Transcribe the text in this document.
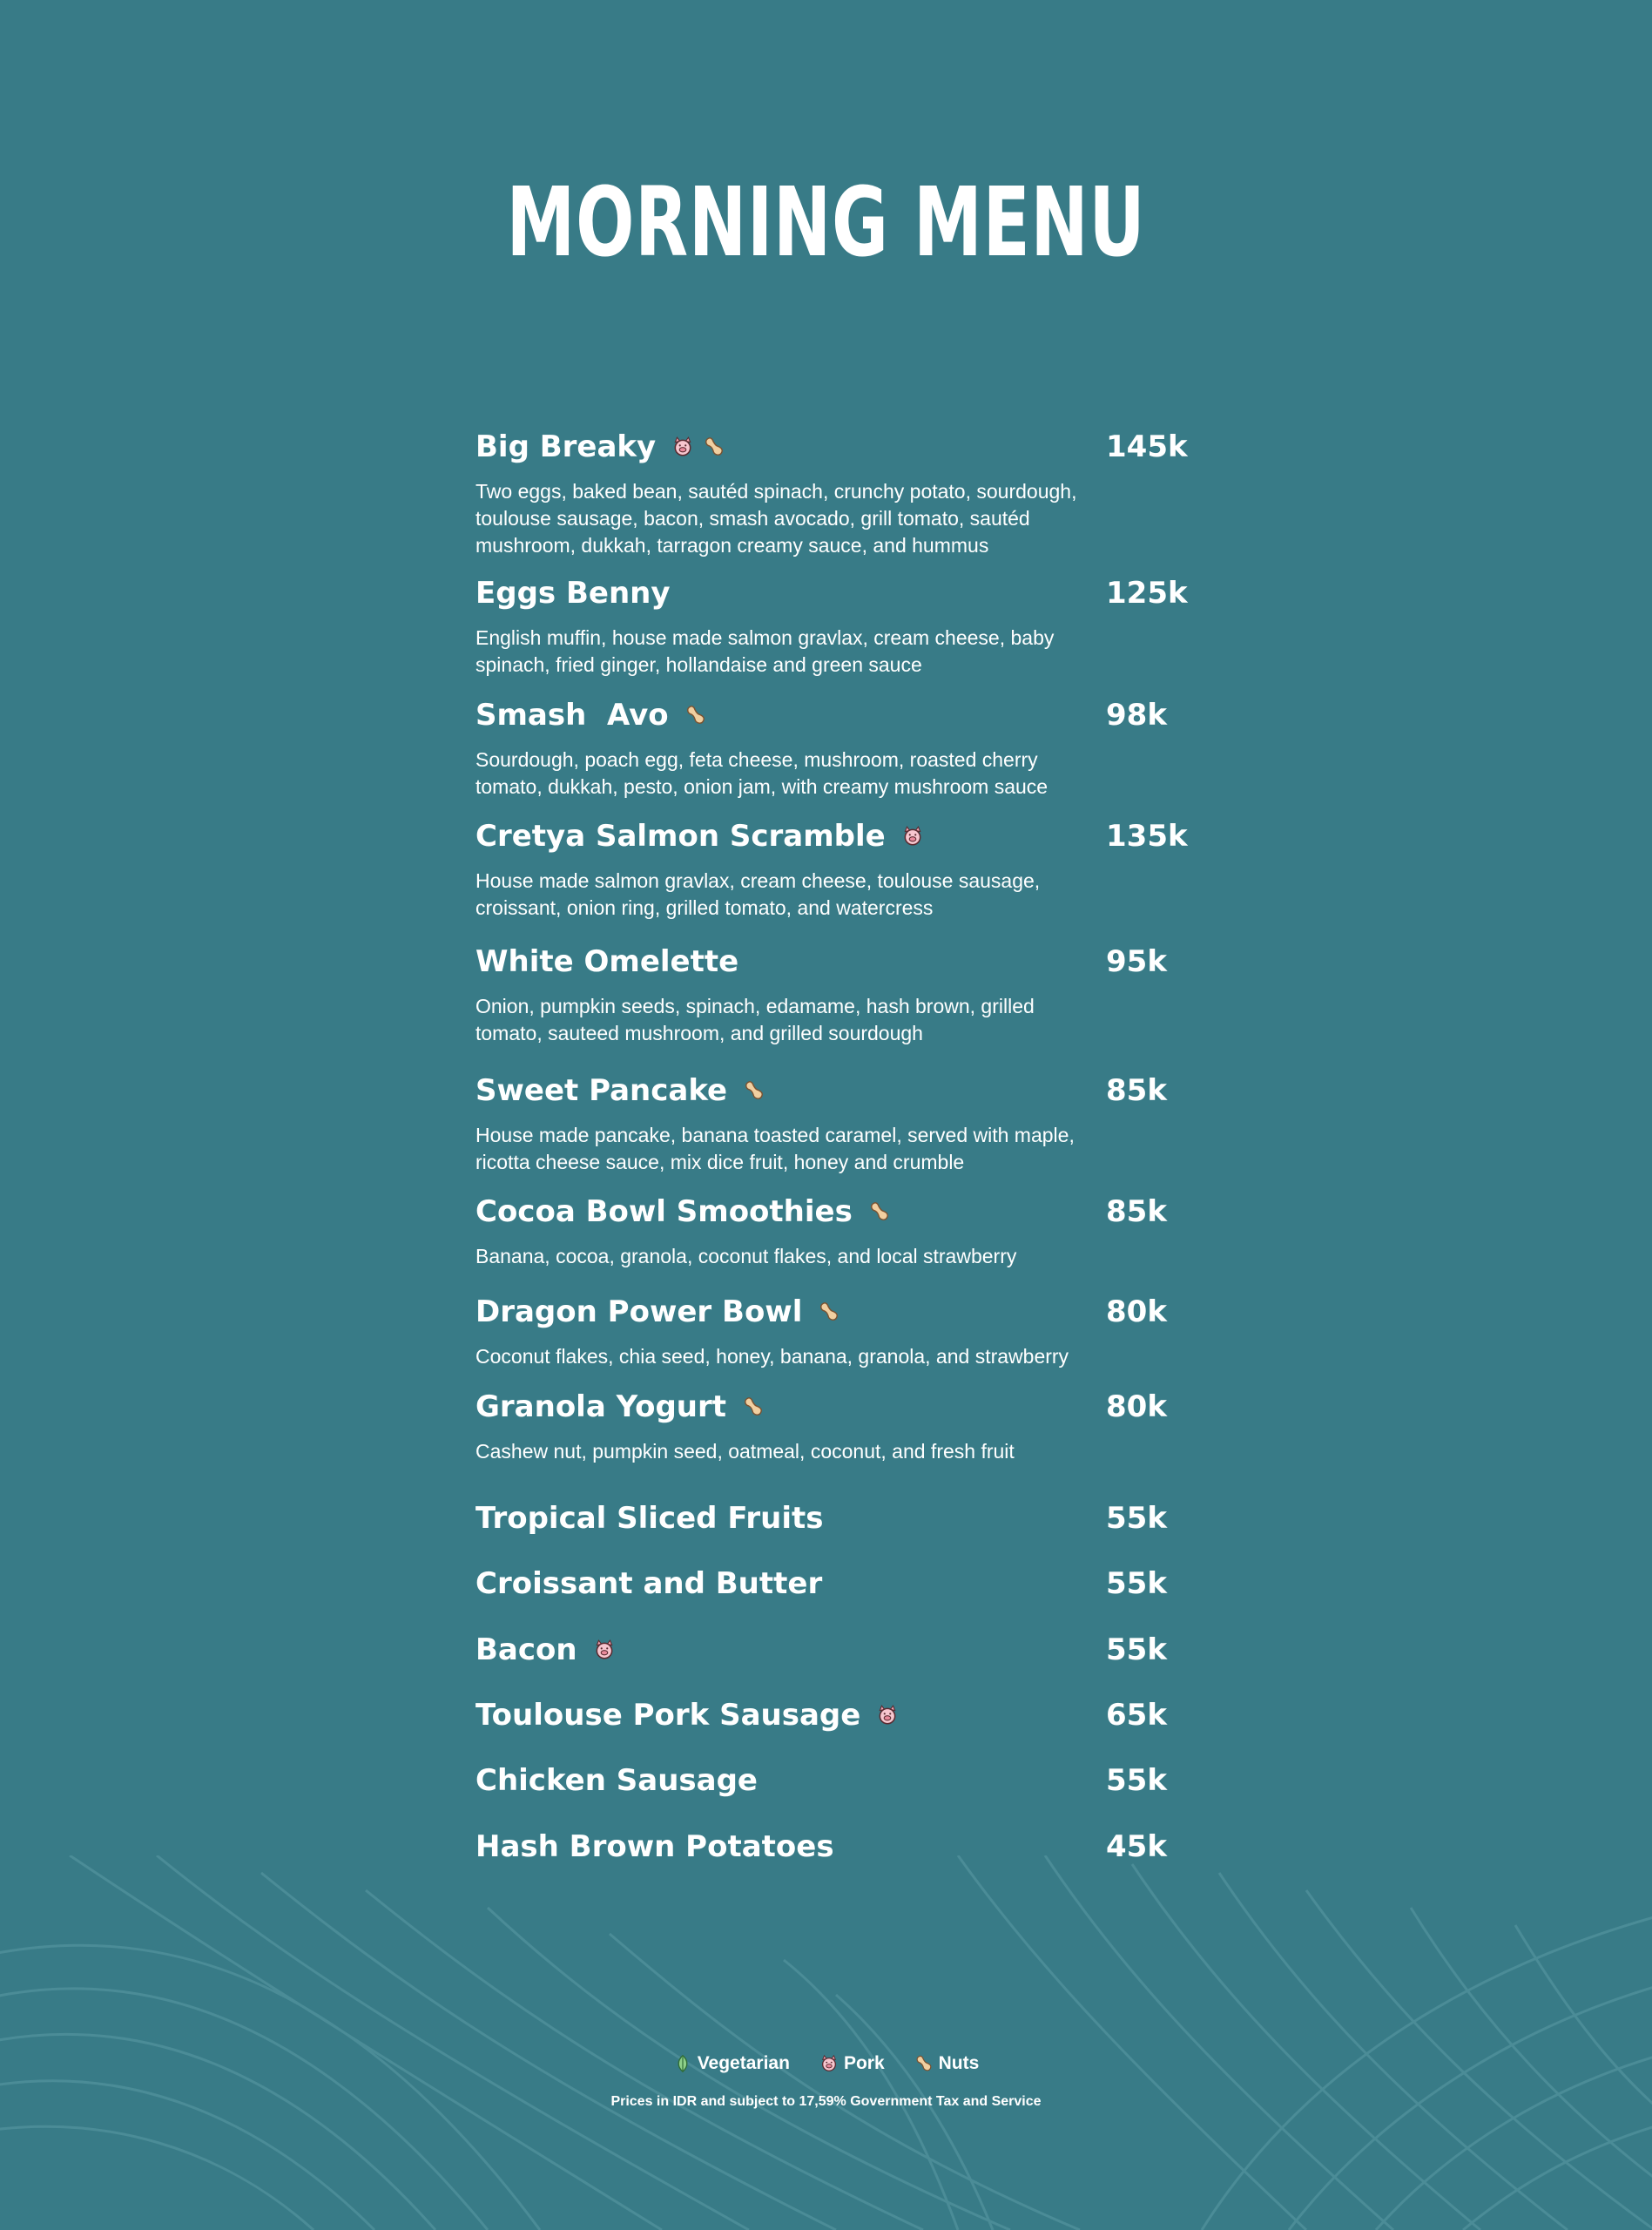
MORNING MENU
Big Breaky	145k
Two eggs, baked bean, sautéd spinach, crunchy potato, sourdough, toulouse sausage, bacon, smash avocado, grill tomato, sautéd mushroom, dukkah, tarragon creamy sauce, and hummus
Eggs Benny	125k
English muffin, house made salmon gravlax, cream cheese, baby spinach, fried ginger, hollandaise and green sauce
Smash  Avo	98k
Sourdough, poach egg, feta cheese, mushroom, roasted cherry tomato, dukkah, pesto, onion jam, with creamy mushroom sauce
Cretya Salmon Scramble	135k
House made salmon gravlax, cream cheese, toulouse sausage, croissant, onion ring, grilled tomato, and watercress
White Omelette	95k
Onion, pumpkin seeds, spinach, edamame, hash brown, grilled tomato, sauteed mushroom, and grilled sourdough
Sweet Pancake	85k
House made pancake, banana toasted caramel, served with maple, ricotta cheese sauce, mix dice fruit, honey and crumble
Cocoa Bowl Smoothies	85k
Banana, cocoa, granola, coconut flakes, and local strawberry
Dragon Power Bowl	80k
Coconut flakes, chia seed, honey, banana, granola, and strawberry
Granola Yogurt	80k
Cashew nut, pumpkin seed, oatmeal, coconut, and fresh fruit
Tropical Sliced Fruits	55k
Croissant and Butter	55k
Bacon	55k
Toulouse Pork Sausage	65k
Chicken Sausage	55k
Hash Brown Potatoes	45k
Vegetarian	Pork	Nuts
Prices in IDR and subject to 17,59% Government Tax and Service
